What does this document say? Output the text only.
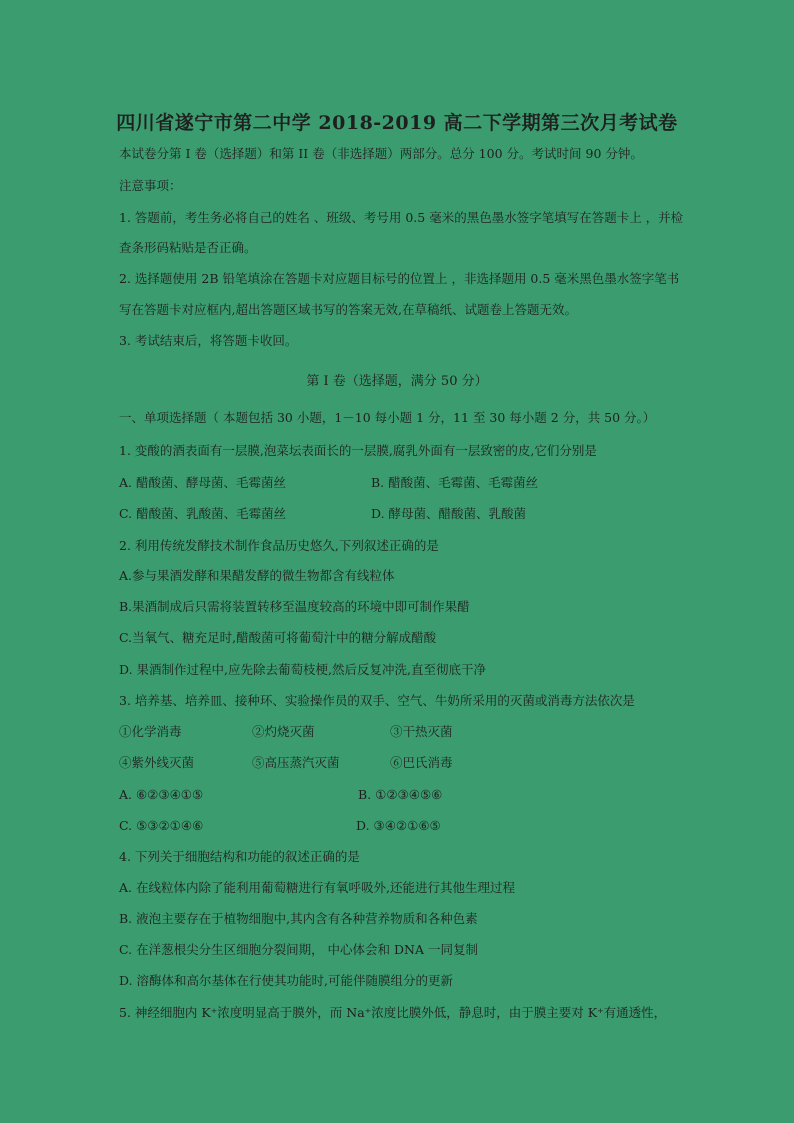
四川省遂宁市第二中学 2018-2019 高二下学期第三次月考试卷
本试卷分第 I 卷（选择题）和第 II 卷（非选择题）两部分。总分 100 分。考试时间 90 分钟。
注意事项：
1. 答题前，考生务必将自己的姓名 、班级、考号用 0.5 毫米的黑色墨水签字笔填写在答题卡上 ，并检
查条形码粘贴是否正确。
2. 选择题使用 2B 铅笔填涂在答题卡对应题目标号的位置上 ，非选择题用 0.5 毫米黑色墨水签字笔书
写在答题卡对应框内,超出答题区域书写的答案无效,在草稿纸、试题卷上答题无效。
3. 考试结束后，将答题卡收回。
第 I 卷（选择题，满分 50 分）
一、单项选择题（ 本题包括 30 小题，1－10 每小题 1 分，11 至 30 每小题 2 分，共 50 分。）
1. 变酸的酒表面有一层膜,泡菜坛表面长的一层膜,腐乳外面有一层致密的皮,它们分别是
A. 醋酸菌、酵母菌、毛霉菌丝	B. 醋酸菌、毛霉菌、毛霉菌丝
C. 醋酸菌、乳酸菌、毛霉菌丝	D. 酵母菌、醋酸菌、乳酸菌
2. 利用传统发酵技术制作食品历史悠久,下列叙述正确的是
A.参与果酒发酵和果醋发酵的微生物都含有线粒体
B.果酒制成后只需将装置转移至温度较高的环境中即可制作果醋
C.当氧气、糖充足时,醋酸菌可将葡萄汁中的糖分解成醋酸
D. 果酒制作过程中,应先除去葡萄枝梗,然后反复冲洗,直至彻底干净
3. 培养基、培养皿、接种环、实验操作员的双手、空气、牛奶所采用的灭菌或消毒方法依次是
①化学消毒	②灼烧灭菌	③干热灭菌
④紫外线灭菌	⑤高压蒸汽灭菌	⑥巴氏消毒
A. ⑥②③④①⑤	B. ①②③④⑤⑥
C. ⑤③②①④⑥	D. ③④②①⑥⑤
4. 下列关于细胞结构和功能的叙述正确的是
A. 在线粒体内除了能利用葡萄糖进行有氧呼吸外,还能进行其他生理过程
B. 液泡主要存在于植物细胞中,其内含有各种营养物质和各种色素
C. 在洋葱根尖分生区细胞分裂间期， 中心体会和 DNA 一同复制
D. 溶酶体和高尔基体在行使其功能时,可能伴随膜组分的更新
5. 神经细胞内 K⁺浓度明显高于膜外，而 Na⁺浓度比膜外低，静息时，由于膜主要对 K⁺有通透性，
